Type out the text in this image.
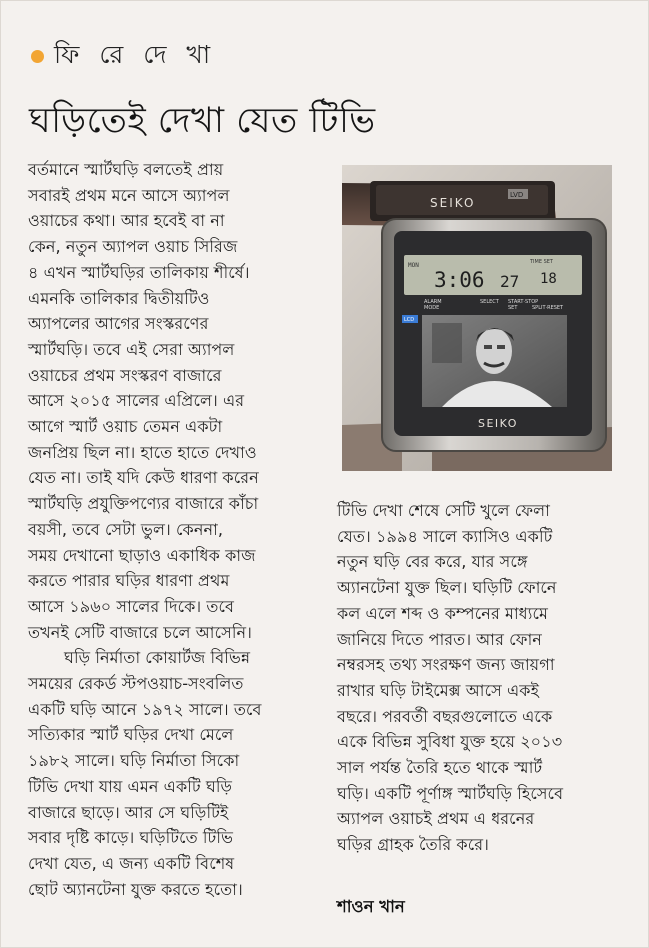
ফি রে দে খা
ঘড়িতেই দেখা যেত টিভি

বর্তমানে স্মার্টঘড়ি বলতেই প্রায়
সবারই প্রথম মনে আসে অ্যাপল
ওয়াচের কথা। আর হবেই বা না
কেন, নতুন অ্যাপল ওয়াচ সিরিজ
৪ এখন স্মার্টঘড়ির তালিকায় শীর্ষে।
এমনকি তালিকার দ্বিতীয়টিও
অ্যাপলের আগের সংস্করণের
স্মার্টঘড়ি। তবে এই সেরা অ্যাপল
ওয়াচের প্রথম সংস্করণ বাজারে
আসে ২০১৫ সালের এপ্রিলে। এর
আগে স্মার্ট ওয়াচ তেমন একটা
জনপ্রিয় ছিল না। হাতে হাতে দেখাও
যেত না। তাই যদি কেউ ধারণা করেন
স্মার্টঘড়ি প্রযুক্তিপণ্যের বাজারে কাঁচা
বয়সী, তবে সেটা ভুল। কেননা,
সময় দেখানো ছাড়াও একাধিক কাজ
করতে পারার ঘড়ির ধারণা প্রথম
আসে ১৯৬০ সালের দিকে। তবে
তখনই সেটি বাজারে চলে আসেনি।

ঘড়ি নির্মাতা কোয়ার্টজ বিভিন্ন
সময়ের রেকর্ড স্টপওয়াচ-সংবলিত
একটি ঘড়ি আনে ১৯৭২ সালে। তবে
সত্যিকার স্মার্ট ঘড়ির দেখা মেলে
১৯৮২ সালে। ঘড়ি নির্মাতা সিকো
টিভি দেখা যায় এমন একটি ঘড়ি
বাজারে ছাড়ে। আর সে ঘড়িটিই
সবার দৃষ্টি কাড়ে। ঘড়িটিতে টিভি
দেখা যেত, এ জন্য একটি বিশেষ
ছোট অ্যানটেনা যুক্ত করতে হতো।

SEIKO
LVD
MON
3:06 27 18
TIME SET
ALARM
MODE
SELECT START·STOP
SET	SPLIT·RESET
LCD
SEIKO
টিভি দেখা শেষে সেটি খুলে ফেলা
যেত। ১৯৯৪ সালে ক্যাসিও একটি
নতুন ঘড়ি বের করে, যার সঙ্গে
অ্যানটেনা যুক্ত ছিল। ঘড়িটি ফোনে
কল এলে শব্দ ও কম্পনের মাধ্যমে
জানিয়ে দিতে পারত। আর ফোন
নম্বরসহ তথ্য সংরক্ষণ জন্য জায়গা
রাখার ঘড়ি টাইমেক্স আসে একই
বছরে। পরবর্তী বছরগুলোতে একে
একে বিভিন্ন সুবিধা যুক্ত হয়ে ২০১৩
সাল পর্যন্ত তৈরি হতে থাকে স্মার্ট
ঘড়ি। একটি পূর্ণাঙ্গ স্মার্টঘড়ি হিসেবে
অ্যাপল ওয়াচই প্রথম এ ধরনের
ঘড়ির গ্রাহক তৈরি করে।
শাওন খান
